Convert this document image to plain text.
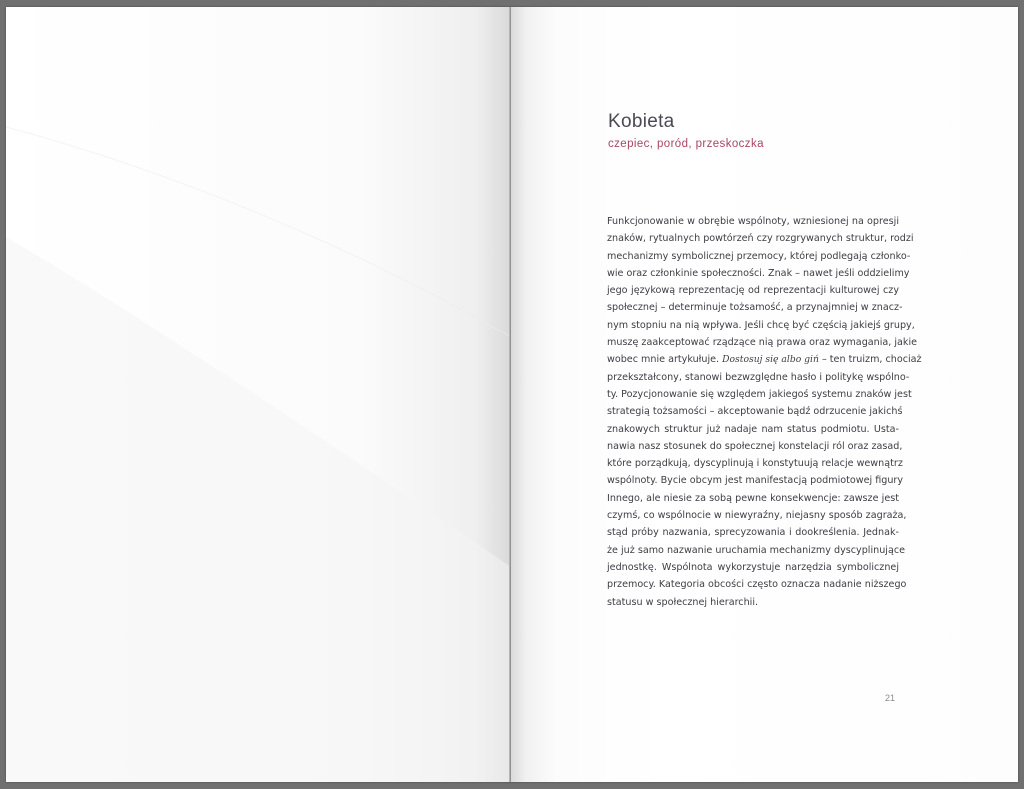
Kobieta

czepiec, poród, przeskoczka

Funkcjonowanie w obrębie wspólnoty, wzniesionej na opresji
znaków, rytualnych powtórzeń czy rozgrywanych struktur, rodzi
mechanizmy symbolicznej przemocy, której podlegają członko-
wie oraz członkinie społeczności. Znak – nawet jeśli oddzielimy
jego językową reprezentację od reprezentacji kulturowej czy
społecznej – determinuje tożsamość, a przynajmniej w znacz-
nym stopniu na nią wpływa. Jeśli chcę być częścią jakiejś grupy,
muszę zaakceptować rządzące nią prawa oraz wymagania, jakie
wobec mnie artykułuje. Dostosuj się albo giń – ten truizm, chociaż
przekształcony, stanowi bezwzględne hasło i politykę wspólno-
ty. Pozycjonowanie się względem jakiegoś systemu znaków jest
strategią tożsamości – akceptowanie bądź odrzucenie jakichś
znakowych struktur już nadaje nam status podmiotu. Usta-
nawia nasz stosunek do społecznej konstelacji ról oraz zasad,
które porządkują, dyscyplinują i konstytuują relacje wewnątrz
wspólnoty. Bycie obcym jest manifestacją podmiotowej figury
Innego, ale niesie za sobą pewne konsekwencje: zawsze jest
czymś, co wspólnocie w niewyraźny, niejasny sposób zagraża,
stąd próby nazwania, sprecyzowania i dookreślenia. Jednak-
że już samo nazwanie uruchamia mechanizmy dyscyplinujące
jednostkę. Wspólnota wykorzystuje narzędzia symbolicznej
przemocy. Kategoria obcości często oznacza nadanie niższego
statusu w społecznej hierarchii.
21
